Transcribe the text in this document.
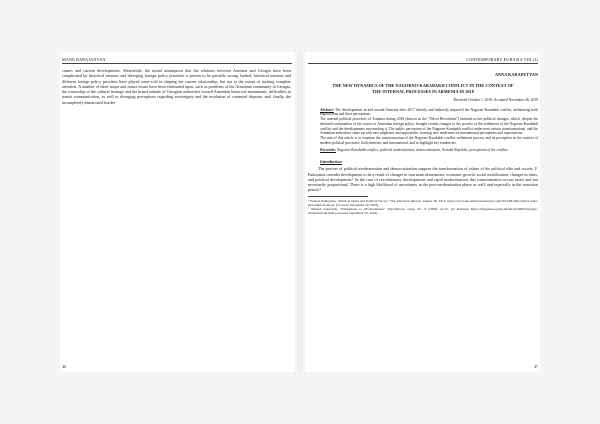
MANE BABAJANYAN	CONTEMPORARY EURASIA VIII (2)

causes and current developments. Meanwhile, the initial assumption that the relations between Armenia and Georgia have been complicated by historical tensions and diverging foreign policy priorities is proven to be partially wrong. Indeed, historical tensions and different foreign policy priorities have played some role in shaping the current relationship, but not to the extent of inviting complete attention. A number of other major and minor issues have been elaborated upon, such as problems of the Armenian community in Georgia, the ownership of the cultural heritage and the brand attitude of Georgian authorities toward Armenian historical monuments, difficulties in transit communication, as well as diverging perceptions regarding sovereignty and the resolution of contested disputes, and, finally, the incompletely demarcated border.

ANNA KARAPETYAN
THE NEW DYNAMICS OF THE NAGORNO-KARABAKH CONFLICT IN THE CONTEXT OF THE INTERNAL PROCESSES IN ARMENIA IN 2018
Received October 1, 2019; Accepted November 26, 2019

Abstract: The developments in and around Armenia after 2017 directly and indirectly impacted the Nagorno-Karabakh conflict, influencing both negotiations and their perceptions.

The internal political processes of Armenia during 2018 (known as the "Velvet Revolution") initiated active political changes, which, despite the declared continuation of the course of Armenian foreign policy, brought certain changes to the process of the settlement of the Nagorno-Karabakh conflict and the developments surrounding it. The public perception of the Nagorno-Karabakh conflict underwent certain transformations, and the Armenian authorities came up with new emphases and approaches, forming new tendencies in international perceptions and expectations.

The aim of this article is to examine the transformation of the Nagorno-Karabakh conflict settlement process and its perception in the context of modern political processes, both domestic and international, and to highlight key tendencies.

Keywords: Nagorno-Karabakh conflict, political modernization, democratization, Artsakh Republic, perceptions of the conflict.
Introduction

The process of political modernization and democratization suppose the transformation of values of the political elite and society. F. Fukuyama consider development to be a result of changes in four main dimensions: economic growth, social mobilization, changes in ideas, and political development.¹ In the case of revolutionary developments and rapid modernization, this transformation occurs faster and not necessarily proportional. There is a high likelihood of uncertainty in the post-modernization phase as well, and especially in the transition period.²

¹ Francis Fukuyama, "Political Order and Political Decay," The American Interest, August 28, 2014, https://www.the-american-interest.com/2014/08/28/political-order-and-political-decay/ (accessed September 20, 2019).

² Manuel Gurevitch, "Disruptions to Modernization" Nepolitica.ru essay, No. 6 (2006): 42-47, (in Russian) https://magazines.gorky.media/nz/2006/6/perepy-modernizaczii.html (accessed September 20, 2019).

46	47
